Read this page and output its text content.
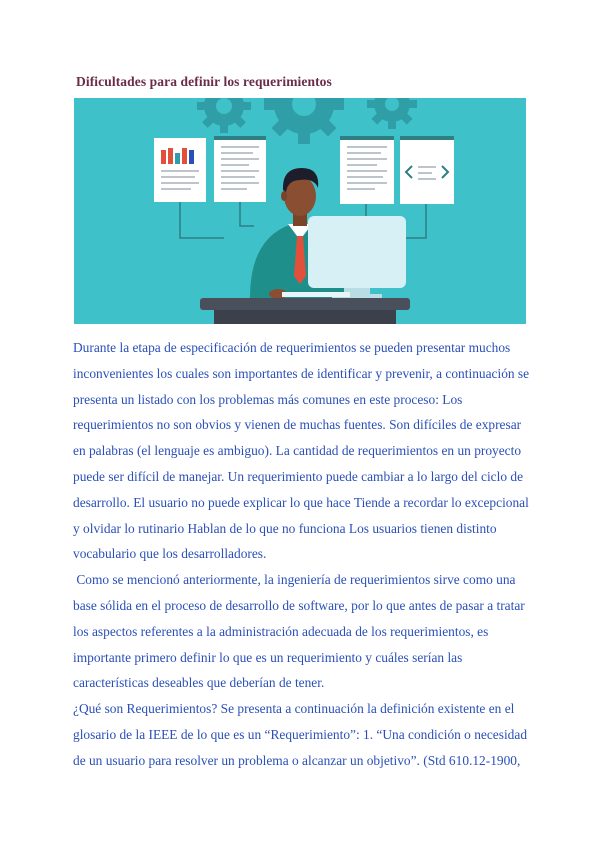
Dificultades para definir los requerimientos

Durante la etapa de especificación de requerimientos se pueden presentar muchos

inconvenientes los cuales son importantes de identificar y prevenir, a continuación se

presenta un listado con los problemas más comunes en este proceso: Los

requerimientos no son obvios y vienen de muchas fuentes. Son difíciles de expresar

en palabras (el lenguaje es ambiguo). La cantidad de requerimientos en un proyecto

puede ser difícil de manejar. Un requerimiento puede cambiar a lo largo del ciclo de

desarrollo. El usuario no puede explicar lo que hace Tiende a recordar lo excepcional

y olvidar lo rutinario Hablan de lo que no funciona Los usuarios tienen distinto

vocabulario que los desarrolladores.

Como se mencionó anteriormente, la ingeniería de requerimientos sirve como una

base sólida en el proceso de desarrollo de software, por lo que antes de pasar a tratar

los aspectos referentes a la administración adecuada de los requerimientos, es

importante primero definir lo que es un requerimiento y cuáles serían las

características deseables que deberían de tener.

¿Qué son Requerimientos? Se presenta a continuación la definición existente en el

glosario de la IEEE de lo que es un “Requerimiento”: 1. “Una condición o necesidad

de un usuario para resolver un problema o alcanzar un objetivo”. (Std 610.12-1900,
